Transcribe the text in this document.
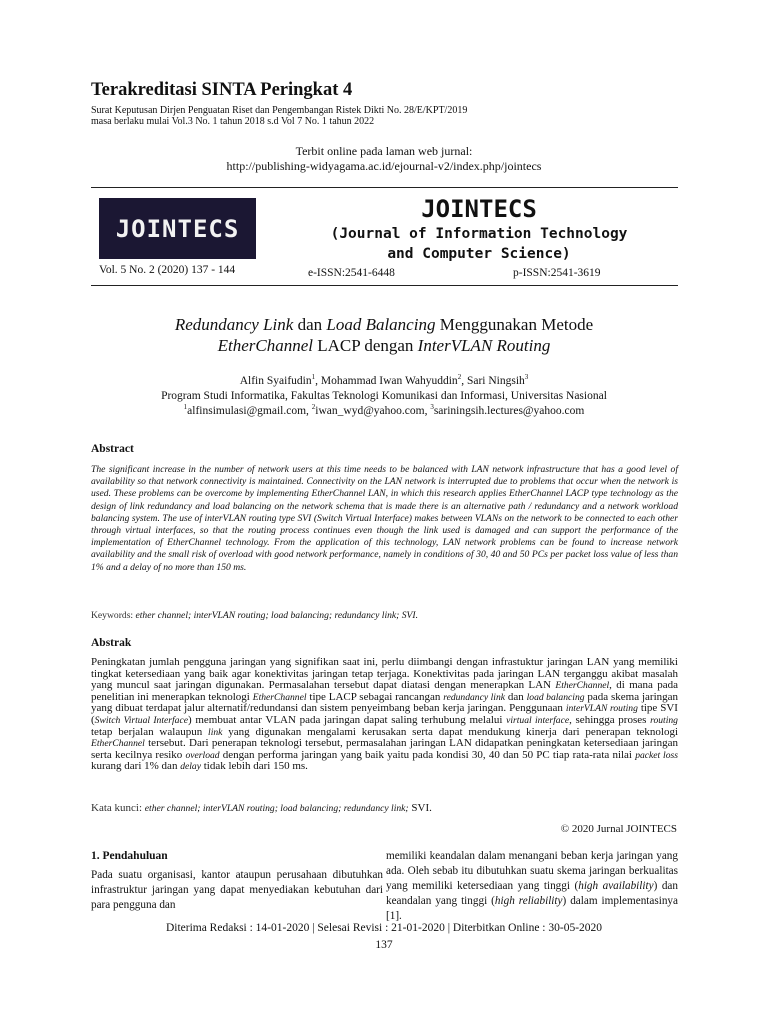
Terakreditasi SINTA Peringkat 4
Surat Keputusan Dirjen Penguatan Riset dan Pengembangan Ristek Dikti No. 28/E/KPT/2019
masa berlaku mulai Vol.3 No. 1 tahun 2018 s.d Vol 7 No. 1 tahun 2022
Terbit online pada laman web jurnal:
http://publishing-widyagama.ac.id/ejournal-v2/index.php/jointecs
JOINTECS
Vol. 5 No. 2 (2020) 137 - 144
JOINTECS
(Journal of Information Technology
and Computer Science)
e-ISSN:2541-6448	p-ISSN:2541-3619
Redundancy Link dan Load Balancing Menggunakan Metode
EtherChannel LACP dengan InterVLAN Routing
Alfin Syaifudin$^1$, Mohammad Iwan Wahyuddin$^2$, Sari Ningsih$^3$
Program Studi Informatika, Fakultas Teknologi Komunikasi dan Informasi, Universitas Nasional
$^1$alfinsimulasi@gmail.com, $^2$iwan_wyd@yahoo.com, $^3$sariningsih.lectures@yahoo.com
Abstract
The significant increase in the number of network users at this time needs to be balanced with LAN network infrastructure that has a good level of availability so that network connectivity is maintained. Connectivity on the LAN network is interrupted due to problems that occur when the network is used. These problems can be overcome by implementing EtherChannel LAN, in which this research applies EtherChannel LACP type technology as the design of link redundancy and load balancing on the network schema that is made there is an alternative path / redundancy and a network workload balancing system. The use of interVLAN routing type SVI (Switch Virtual Interface) makes between VLANs on the network to be connected to each other through virtual interfaces, so that the routing process continues even though the link used is damaged and can support the performance of the implementation of EtherChannel technology. From the application of this technology, LAN network problems can be found to increase network availability and the small risk of overload with good network performance, namely in conditions of 30, 40 and 50 PCs per packet loss value of less than 1% and a delay of no more than 150 ms.
Keywords: ether channel; interVLAN routing; load balancing; redundancy link; SVI.
Abstrak
Peningkatan jumlah pengguna jaringan yang signifikan saat ini, perlu diimbangi dengan infrastuktur jaringan LAN yang memiliki tingkat ketersediaan yang baik agar konektivitas jaringan tetap terjaga. Konektivitas pada jaringan LAN terganggu akibat masalah yang muncul saat jaringan digunakan. Permasalahan tersebut dapat diatasi dengan menerapkan LAN EtherChannel, di mana pada penelitian ini menerapkan teknologi EtherChannel tipe LACP sebagai rancangan redundancy link dan load balancing pada skema jaringan yang dibuat terdapat jalur alternatif/redundansi dan sistem penyeimbang beban kerja jaringan. Penggunaan interVLAN routing tipe SVI (Switch Virtual Interface) membuat antar VLAN pada jaringan dapat saling terhubung melalui virtual interface, sehingga proses routing tetap berjalan walaupun link yang digunakan mengalami kerusakan serta dapat mendukung kinerja dari penerapan teknologi EtherChannel tersebut. Dari penerapan teknologi tersebut, permasalahan jaringan LAN didapatkan peningkatan ketersediaan jaringan serta kecilnya resiko overload dengan performa jaringan yang baik yaitu pada kondisi 30, 40 dan 50 PC tiap rata-rata nilai packet loss kurang dari 1% dan delay tidak lebih dari 150 ms.
Kata kunci: ether channel; interVLAN routing; load balancing; redundancy link; SVI.
© 2020 Jurnal JOINTECS
1. Pendahuluan
Pada suatu organisasi, kantor ataupun perusahaan dibutuhkan infrastruktur jaringan yang dapat menyediakan kebutuhan dari para pengguna dan
memiliki keandalan dalam menangani beban kerja jaringan yang ada. Oleh sebab itu dibutuhkan suatu skema jaringan berkualitas yang memiliki ketersediaan yang tinggi (high availability) dan keandalan yang tinggi (high reliability) dalam implementasinya [1].
Diterima Redaksi : 14-01-2020 | Selesai Revisi : 21-01-2020 | Diterbitkan Online : 30-05-2020
137
